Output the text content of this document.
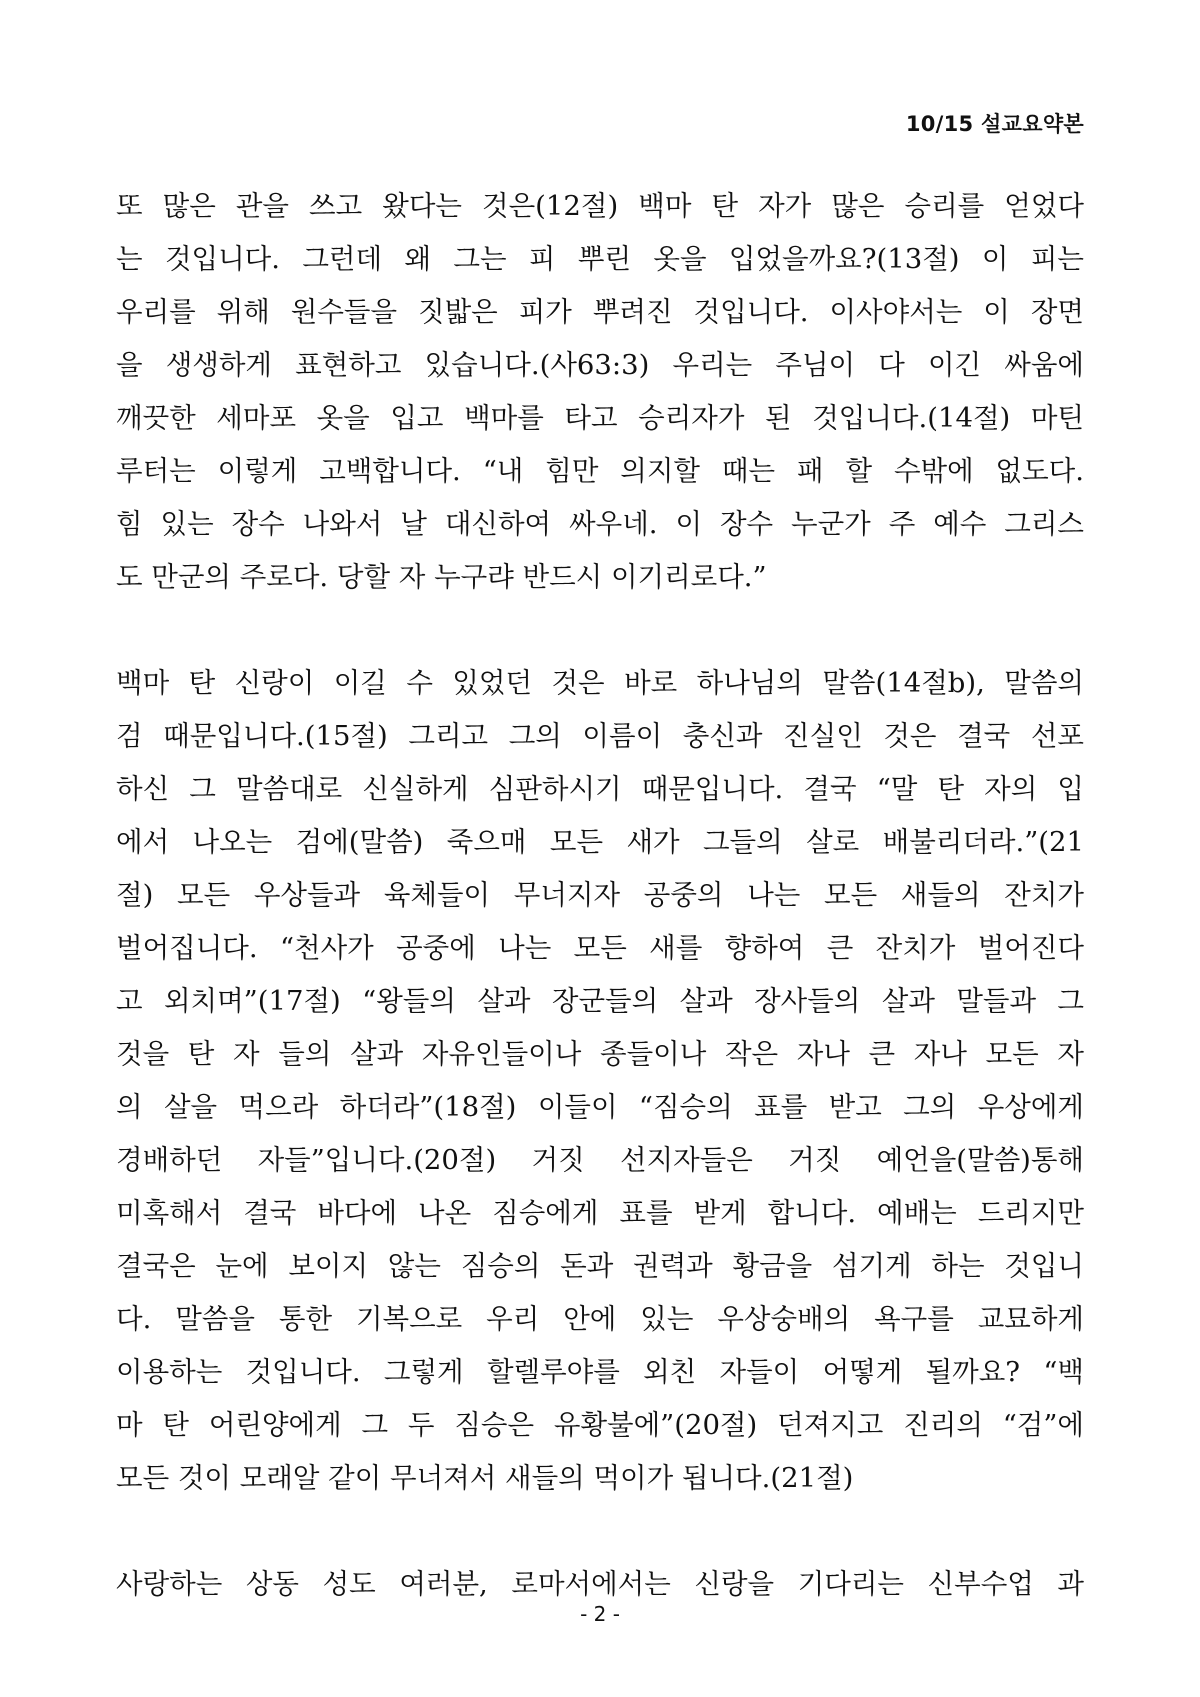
10/15 설교요약본
또 많은 관을 쓰고 왔다는 것은(12절) 백마 탄 자가 많은 승리를 얻었다
는 것입니다. 그런데 왜 그는 피 뿌린 옷을 입었을까요?(13절) 이 피는
우리를 위해 원수들을 짓밟은 피가 뿌려진 것입니다. 이사야서는 이 장면
을 생생하게 표현하고 있습니다.(사63:3) 우리는 주님이 다 이긴 싸움에
깨끗한 세마포 옷을 입고 백마를 타고 승리자가 된 것입니다.(14절) 마틴
루터는 이렇게 고백합니다. “내 힘만 의지할 때는 패 할 수밖에 없도다.
힘 있는 장수 나와서 날 대신하여 싸우네. 이 장수 누군가 주 예수 그리스
도 만군의 주로다. 당할 자 누구랴 반드시 이기리로다.”
백마 탄 신랑이 이길 수 있었던 것은 바로 하나님의 말씀(14절b), 말씀의
검 때문입니다.(15절) 그리고 그의 이름이 충신과 진실인 것은 결국 선포
하신 그 말씀대로 신실하게 심판하시기 때문입니다. 결국 “말 탄 자의 입
에서 나오는 검에(말씀) 죽으매 모든 새가 그들의 살로 배불리더라.”(21
절) 모든 우상들과 육체들이 무너지자 공중의 나는 모든 새들의 잔치가
벌어집니다. “천사가 공중에 나는 모든 새를 향하여 큰 잔치가 벌어진다
고 외치며”(17절) “왕들의 살과 장군들의 살과 장사들의 살과 말들과 그
것을 탄 자 들의 살과 자유인들이나 종들이나 작은 자나 큰 자나 모든 자
의 살을 먹으라 하더라”(18절) 이들이 “짐승의 표를 받고 그의 우상에게
경배하던 자들”입니다.(20절) 거짓 선지자들은 거짓 예언을(말씀)통해
미혹해서 결국 바다에 나온 짐승에게 표를 받게 합니다. 예배는 드리지만
결국은 눈에 보이지 않는 짐승의 돈과 권력과 황금을 섬기게 하는 것입니
다. 말씀을 통한 기복으로 우리 안에 있는 우상숭배의 욕구를 교묘하게
이용하는 것입니다. 그렇게 할렐루야를 외친 자들이 어떻게 될까요? “백
마 탄 어린양에게 그 두 짐승은 유황불에”(20절) 던져지고 진리의 “검”에
모든 것이 모래알 같이 무너져서 새들의 먹이가 됩니다.(21절)
사랑하는 상동 성도 여러분, 로마서에서는 신랑을 기다리는 신부수업 과
- 2 -
